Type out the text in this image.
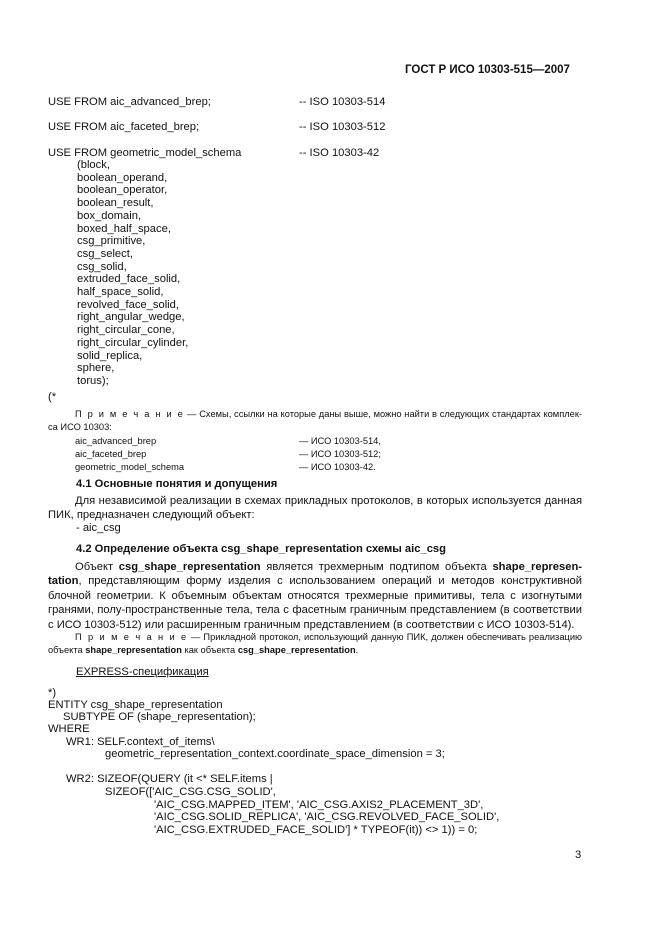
ГОСТ Р ИСО 10303-515—2007
USE FROM aic_advanced_brep;	-- ISO 10303-514
USE FROM aic_faceted_brep;	-- ISO 10303-512
USE FROM geometric_model_schema	-- ISO 10303-42
(block,
boolean_operand,
boolean_operator,
boolean_result,
box_domain,
boxed_half_space,
csg_primitive,
csg_select,
csg_solid,
extruded_face_solid,
half_space_solid,
revolved_face_solid,
right_angular_wedge,
right_circular_cone,
right_circular_cylinder,
solid_replica,
sphere,
torus);
(*
П р и м е ч а н и е — Схемы, ссылки на которые даны выше, можно найти в следующих стандартах комплек-са ИСО 10303:
aic_advanced_brep	— ИСО 10303-514,
aic_faceted_brep	— ИСО 10303-512;
geometric_model_schema	— ИСО 10303-42.
4.1 Основные понятия и допущения
Для независимой реализации в схемах прикладных протоколов, в которых используется данная ПИК, предназначен следующий объект:
- aic_csg
4.2 Определение объекта csg_shape_representation схемы aic_csg
Объект csg_shape_representation является трехмерным подтипом объекта shape_represen-tation, представляющим форму изделия с использованием операций и методов конструктивной блочной геометрии. К объемным объектам относятся трехмерные примитивы, тела с изогнутыми гранями, полу-пространственные тела, тела с фасетным граничным представлением (в соответствии с ИСО 10303-512) или расширенным граничным представлением (в соответствии с ИСО 10303-514).
П р и м е ч а н и е — Прикладной протокол, использующий данную ПИК, должен обеспечивать реализацию объекта shape_representation как объекта csg_shape_representation.
EXPRESS-спецификация
*)
ENTITY csg_shape_representation
SUBTYPE OF (shape_representation);
WHERE
WR1: SELF.context_of_items\
geometric_representation_context.coordinate_space_dimension = 3;
WR2: SIZEOF(QUERY (it <* SELF.items |
SIZEOF(['AIC_CSG.CSG_SOLID',
'AIC_CSG.MAPPED_ITEM', 'AIC_CSG.AXIS2_PLACEMENT_3D',
'AIC_CSG.SOLID_REPLICA', 'AIC_CSG.REVOLVED_FACE_SOLID',
'AIC_CSG.EXTRUDED_FACE_SOLID'] * TYPEOF(it)) <> 1)) = 0;
3
